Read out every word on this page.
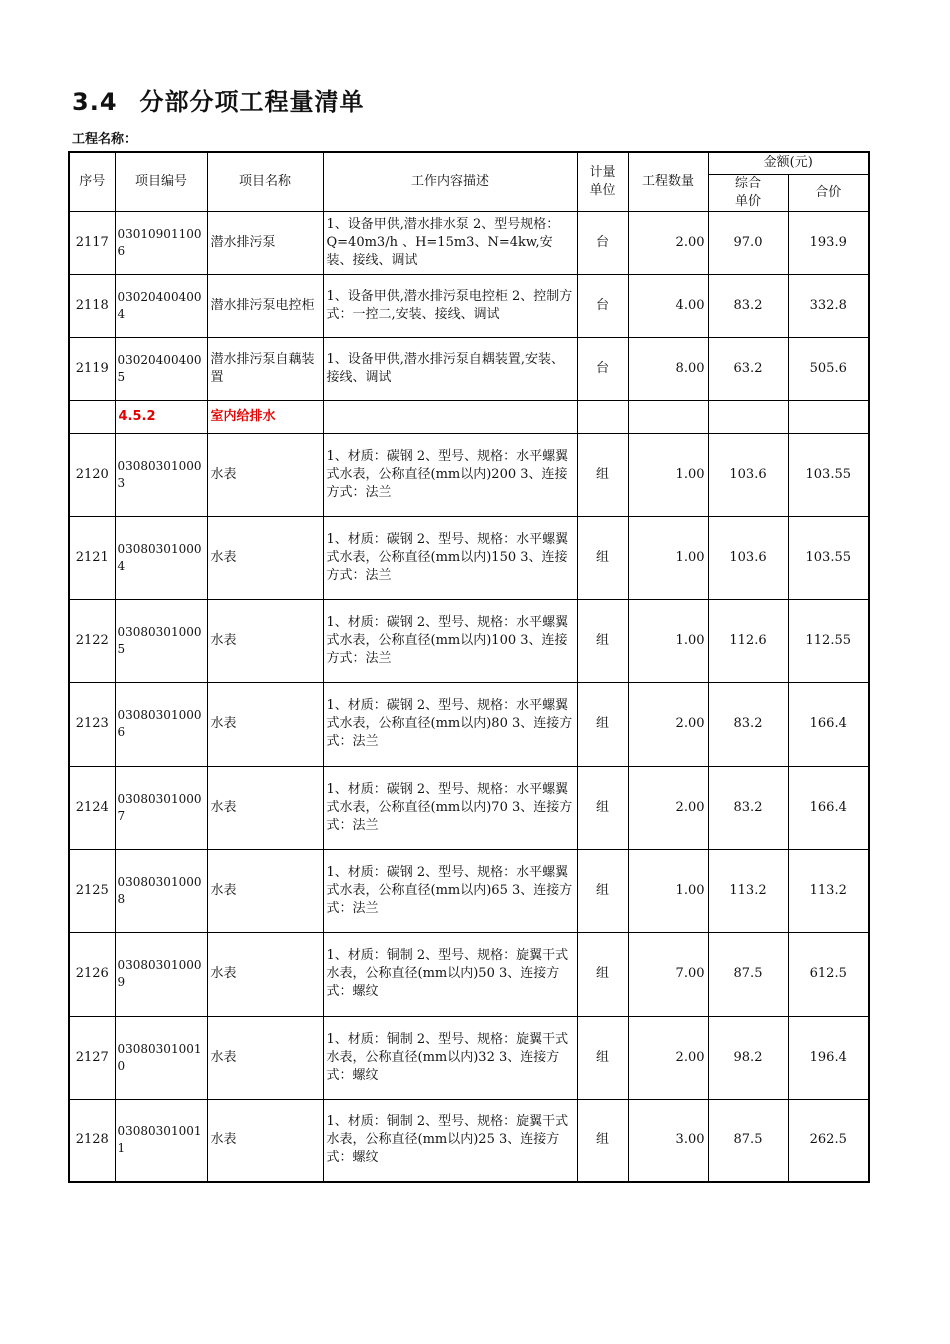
3.4 分部分项工程量清单
工程名称：
序号	项目编号	项目名称	工作内容描述	计量单位	工程数量	金额(元)	
						综合单价	合价
2117	030109011006	潜水排污泵	1、设备甲供,潜水排水泵 2、型号规格：Q=40m3/h 、H=15m3、N=4kw,安装、接线、调试	台	2.00	97.0	193.9
2118	030204004004	潜水排污泵电控柜	1、设备甲供,潜水排污泵电控柜 2、控制方式：一控二,安装、接线、调试	台	4.00	83.2	332.8
2119	030204004005	潜水排污泵自藕装置	1、设备甲供,潜水排污泵自耦装置,安装、接线、调试	台	8.00	63.2	505.6
	4.5.2	室内给排水					
2120	030803010003	水表	1、材质：碳钢 2、型号、规格：水平螺翼式水表，公称直径(mm以内)200 3、连接方式：法兰	组	1.00	103.6	103.55
2121	030803010004	水表	1、材质：碳钢 2、型号、规格：水平螺翼式水表，公称直径(mm以内)150 3、连接方式：法兰	组	1.00	103.6	103.55
2122	030803010005	水表	1、材质：碳钢 2、型号、规格：水平螺翼式水表，公称直径(mm以内)100 3、连接方式：法兰	组	1.00	112.6	112.55
2123	030803010006	水表	1、材质：碳钢 2、型号、规格：水平螺翼式水表，公称直径(mm以内)80 3、连接方式：法兰	组	2.00	83.2	166.4
2124	030803010007	水表	1、材质：碳钢 2、型号、规格：水平螺翼式水表，公称直径(mm以内)70 3、连接方式：法兰	组	2.00	83.2	166.4
2125	030803010008	水表	1、材质：碳钢 2、型号、规格：水平螺翼式水表，公称直径(mm以内)65 3、连接方式：法兰	组	1.00	113.2	113.2
2126	030803010009	水表	1、材质：铜制 2、型号、规格：旋翼干式水表，公称直径(mm以内)50 3、连接方式：螺纹	组	7.00	87.5	612.5
2127	030803010010	水表	1、材质：铜制 2、型号、规格：旋翼干式水表，公称直径(mm以内)32 3、连接方式：螺纹	组	2.00	98.2	196.4
2128	030803010011	水表	1、材质：铜制 2、型号、规格：旋翼干式水表，公称直径(mm以内)25 3、连接方式：螺纹	组	3.00	87.5	262.5
